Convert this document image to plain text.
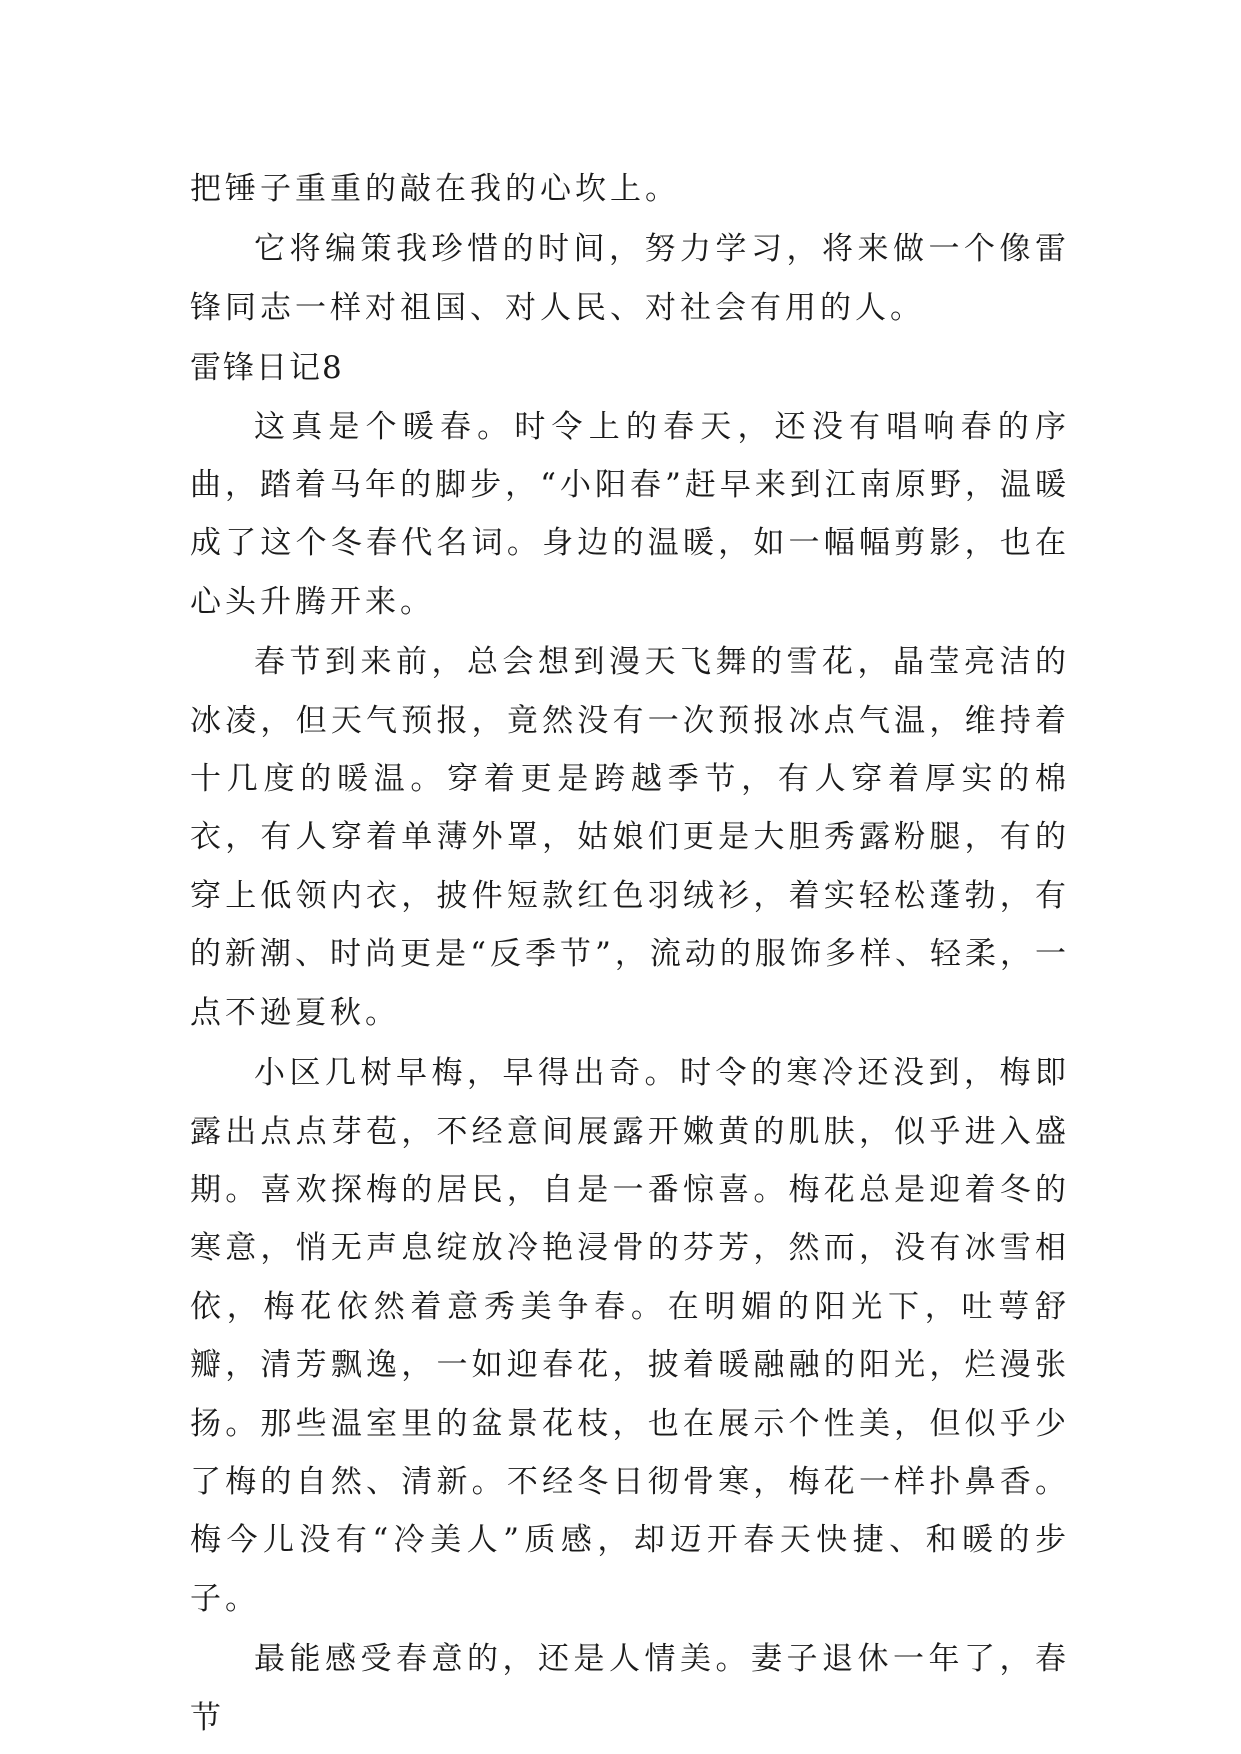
把锤子重重的敲在我的心坎上。

它将编策我珍惜的时间，努力学习，将来做一个像雷锋同志一样对祖国、对人民、对社会有用的人。

雷锋日记8

这真是个暖春。时令上的春天，还没有唱响春的序曲，踏着马年的脚步，“小阳春”赶早来到江南原野，温暖成了这个冬春代名词。身边的温暖，如一幅幅剪影，也在心头升腾开来。

春节到来前，总会想到漫天飞舞的雪花，晶莹亮洁的冰凌，但天气预报，竟然没有一次预报冰点气温，维持着十几度的暖温。穿着更是跨越季节，有人穿着厚实的棉衣，有人穿着单薄外罩，姑娘们更是大胆秀露粉腿，有的穿上低领内衣，披件短款红色羽绒衫，着实轻松蓬勃，有的新潮、时尚更是“反季节”，流动的服饰多样、轻柔，一点不逊夏秋。

小区几树早梅，早得出奇。时令的寒冷还没到，梅即露出点点芽苞，不经意间展露开嫩黄的肌肤，似乎进入盛期。喜欢探梅的居民，自是一番惊喜。梅花总是迎着冬的寒意，悄无声息绽放冷艳浸骨的芬芳，然而，没有冰雪相依，梅花依然着意秀美争春。在明媚的阳光下，吐萼舒瓣，清芳飘逸，一如迎春花，披着暖融融的阳光，烂漫张扬。那些温室里的盆景花枝，也在展示个性美，但似乎少了梅的自然、清新。不经冬日彻骨寒，梅花一样扑鼻香。梅今儿没有“冷美人”质感，却迈开春天快捷、和暖的步子。

最能感受春意的，还是人情美。妻子退休一年了，春节
